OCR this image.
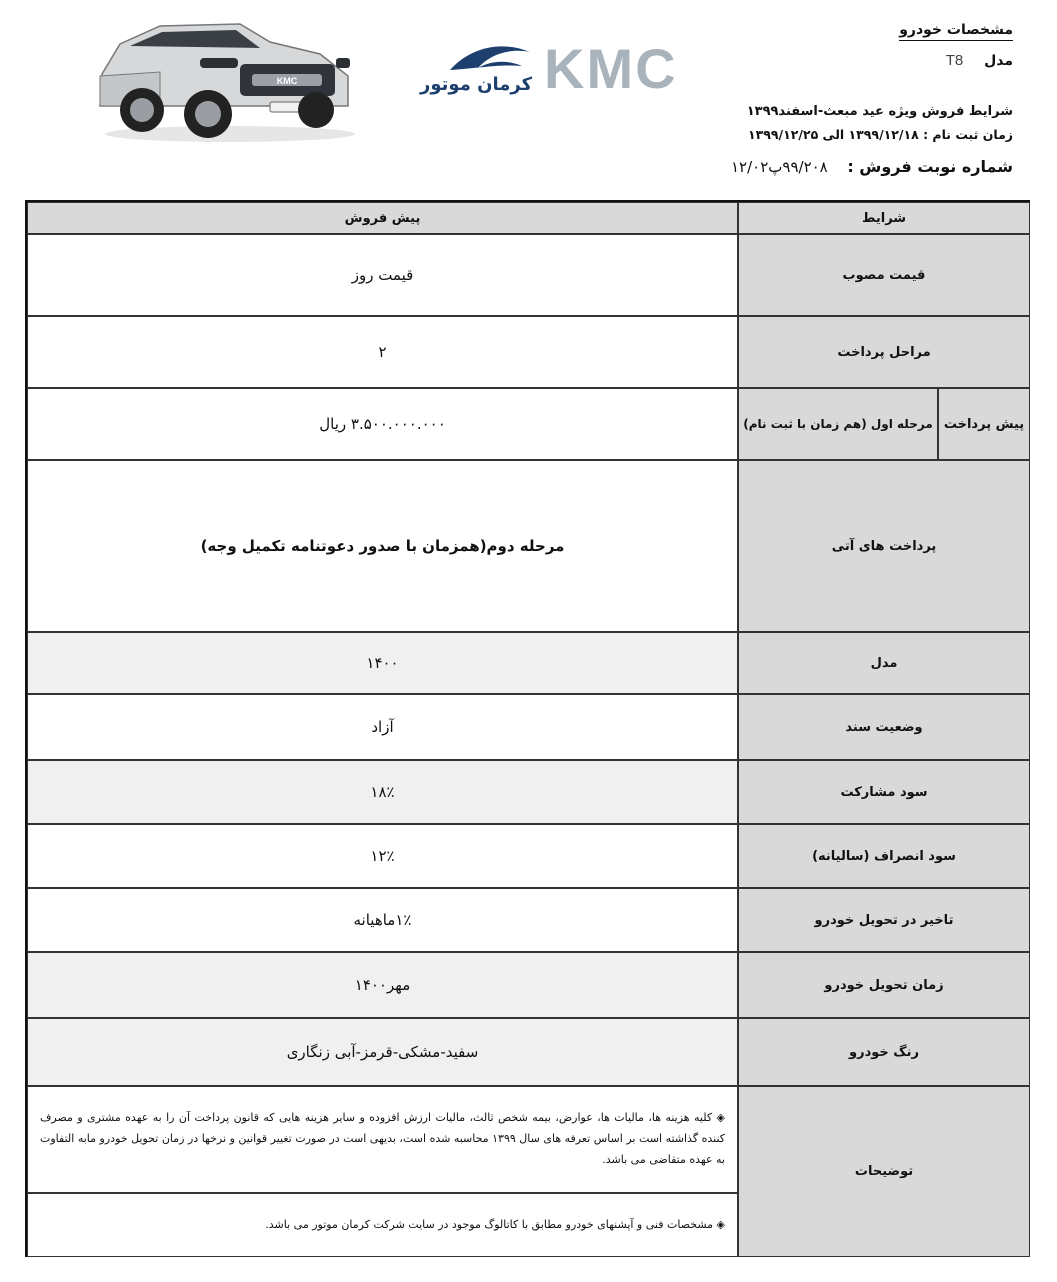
مشخصات خودرو
مدل T8
شرایط فروش ویژه عید مبعث-اسفند۱۳۹۹
زمان ثبت نام : ۱۳۹۹/۱۲/۱۸ الی ۱۳۹۹/۱۲/۲۵
شماره نوبت فروش : ۹۹/۲۰۸پ۱۲/۰۲
KMC
کرمان موتور
KMC
شرایط
پیش فروش
قیمت مصوب
قیمت روز
مراحل پرداخت
۲
پیش پرداخت
مرحله اول (هم زمان با ثبت نام)
۳.۵۰۰.۰۰۰.۰۰۰ ریال
پرداخت های آتی
مرحله دوم(همزمان با صدور دعوتنامه تکمیل وجه)
مدل
۱۴۰۰
وضعیت سند
آزاد
سود مشارکت
۱۸٪
سود انصراف (سالیانه)
۱۲٪
تاخیر در تحویل خودرو
۱٪ماهیانه
زمان تحویل خودرو
مهر۱۴۰۰
رنگ خودرو
سفید-مشکی-قرمز-آبی زنگاری
توضیحات
◈ کلیه هزینه ها، مالیات ها، عوارض، بیمه شخص ثالث، مالیات ارزش افزوده و سایر هزینه هایی که قانون پرداخت آن را به عهده مشتری و مصرف کننده گذاشته است بر اساس تعرفه های سال ۱۳۹۹ محاسبه شده است، بدیهی است در صورت تغییر قوانین و نرخها در زمان تحویل خودرو مابه التفاوت به عهده متقاضی می باشد.
◈ مشخصات فنی و آپشنهای خودرو مطابق با کاتالوگ موجود در سایت شرکت کرمان موتور می باشد.
